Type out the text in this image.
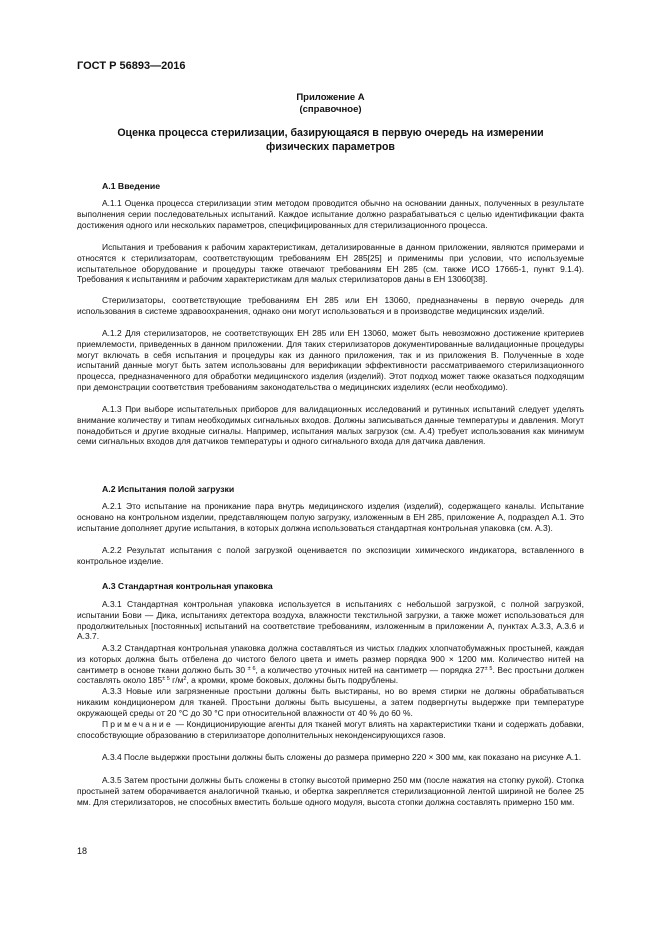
ГОСТ Р 56893—2016
Приложение А
(справочное)
Оценка процесса стерилизации, базирующаяся в первую очередь на измерении физических параметров
А.1 Введение

А.1.1 Оценка процесса стерилизации этим методом проводится обычно на основании данных, полученных в результате выполнения серии последовательных испытаний. Каждое испытание должно разрабатываться с целью идентификации факта достижения одного или нескольких параметров, специфицированных для стерилизационного процесса.

Испытания и требования к рабочим характеристикам, детализированные в данном приложении, являются примерами и относятся к стерилизаторам, соответствующим требованиям ЕН 285[25] и применимы при условии, что используемые испытательное оборудование и процедуры также отвечают требованиям ЕН 285 (см. также ИСО 17665-1, пункт 9.1.4). Требования к испытаниям и рабочим характеристикам для малых стерилизаторов даны в ЕН 13060[38].

Стерилизаторы, соответствующие требованиям ЕН 285 или ЕН 13060, предназначены в первую очередь для использования в системе здравоохранения, однако они могут использоваться и в производстве медицинских изделий.

А.1.2 Для стерилизаторов, не соответствующих ЕН 285 или ЕН 13060, может быть невозможно достижение критериев приемлемости, приведенных в данном приложении. Для таких стерилизаторов документированные валидационные процедуры могут включать в себя испытания и процедуры как из данного приложения, так и из приложения В. Полученные в ходе испытаний данные могут быть затем использованы для верификации эффективности рассматриваемого стерилизационного процесса, предназначенного для обработки медицинского изделия (изделий). Этот подход может также оказаться подходящим при демонстрации соответствия требованиям законодательства о медицинских изделиях (если необходимо).

А.1.3 При выборе испытательных приборов для валидационных исследований и рутинных испытаний следует уделять внимание количеству и типам необходимых сигнальных входов. Должны записываться данные температуры и давления. Могут понадобиться и другие входные сигналы. Например, испытания малых загрузок (см. А.4) требует использования как минимум семи сигнальных входов для датчиков температуры и одного сигнального входа для датчика давления.

А.2 Испытания полой загрузки

А.2.1 Это испытание на проникание пара внутрь медицинского изделия (изделий), содержащего каналы. Испытание основано на контрольном изделии, представляющем полую загрузку, изложенным в ЕН 285, приложение А, подраздел А.1. Это испытание дополняет другие испытания, в которых должна использоваться стандартная контрольная упаковка (см. А.3).

А.2.2 Результат испытания с полой загрузкой оценивается по экспозиции химического индикатора, вставленного в контрольное изделие.

А.3 Стандартная контрольная упаковка

А.3.1 Стандартная контрольная упаковка используется в испытаниях с небольшой загрузкой, с полной загрузкой, испытании Бови — Дика, испытаниях детектора воздуха, влажности текстильной загрузки, а также может использоваться для продолжительных [постоянных] испытаний на соответствие требованиям, изложенным в приложении А, пунктах А.3.3, А.3.6 и А.3.7.

А.3.2 Стандартная контрольная упаковка должна составляться из чистых гладких хлопчатобумажных простыней, каждая из которых должна быть отбелена до чистого белого цвета и иметь размер порядка 900 × 1200 мм. Количество нитей на сантиметр в основе ткани должно быть 30 $^{\pm 6}$, а количество уточных нитей на сантиметр — порядка $27^{\pm 5}$. Вес простыни должен составлять около $185^{\pm 5}$ $г/м^2$, а кромки, кроме боковых, должны быть подрублены.

А.3.3 Новые или загрязненные простыни должны быть выстираны, но во время стирки не должны обрабатываться никаким кондиционером для тканей. Простыни должны быть высушены, а затем подвергнуты выдержке при температуре окружающей среды от 20 °С до 30 °С при относительной влажности от 40 % до 60 %.

Примечание — Кондиционирующие агенты для тканей могут влиять на характеристики ткани и содержать добавки, способствующие образованию в стерилизаторе дополнительных неконденсирующихся газов.

А.3.4 После выдержки простыни должны быть сложены до размера примерно 220 × 300 мм, как показано на рисунке А.1.

А.3.5 Затем простыни должны быть сложены в стопку высотой примерно 250 мм (после нажатия на стопку рукой). Стопка простыней затем оборачивается аналогичной тканью, и обертка закрепляется стерилизационной лентой шириной не более 25 мм. Для стерилизаторов, не способных вместить больше одного модуля, высота стопки должна составлять примерно 150 мм.

18
